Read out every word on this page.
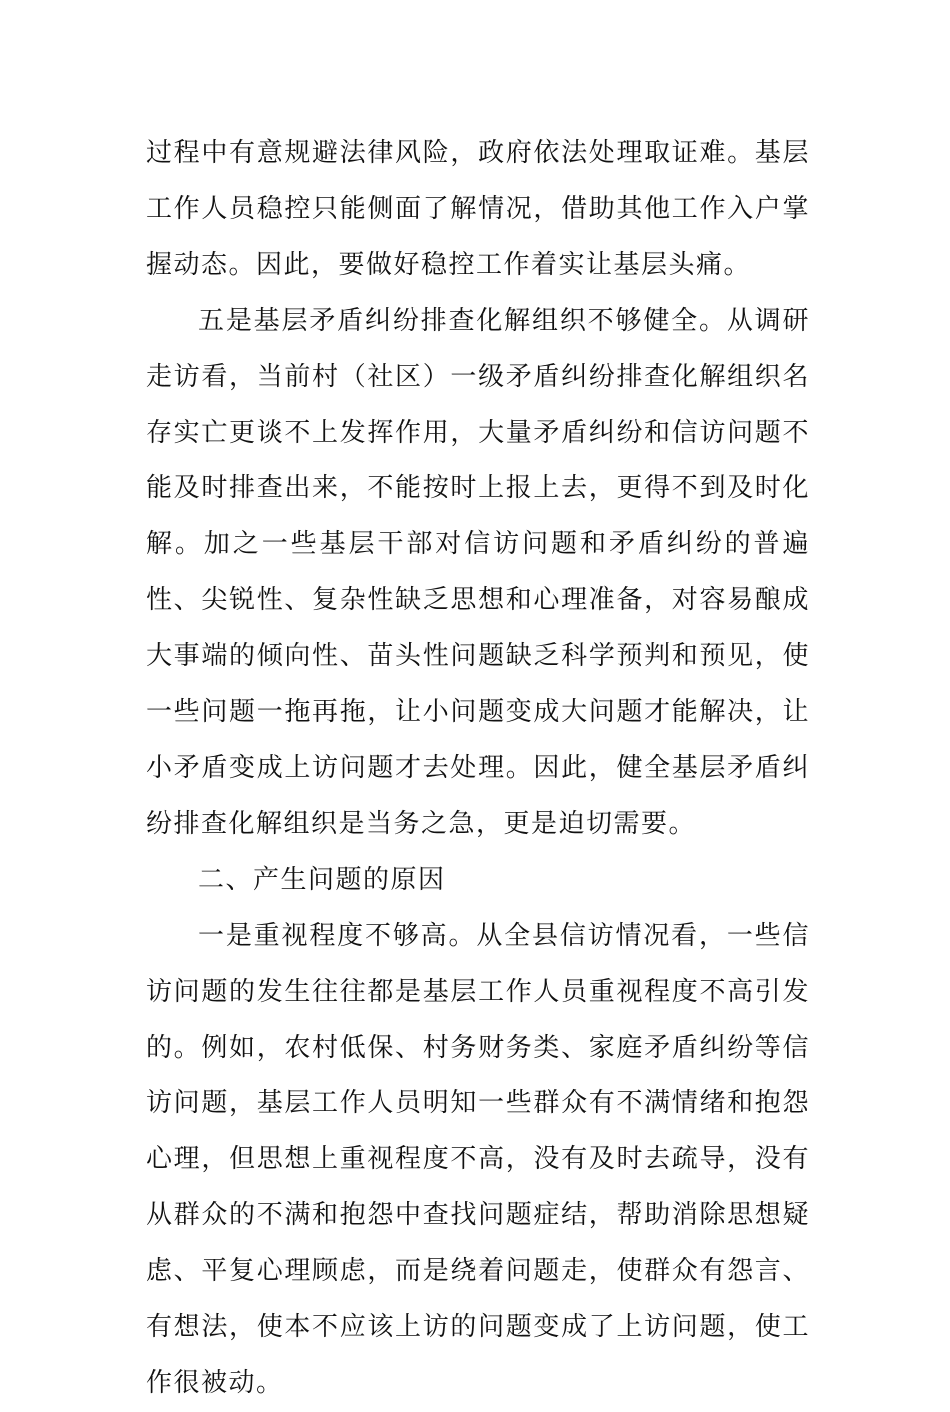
过程中有意规避法律风险，政府依法处理取证难。基层工作人员稳控只能侧面了解情况，借助其他工作入户掌握动态。因此，要做好稳控工作着实让基层头痛。

五是基层矛盾纠纷排查化解组织不够健全。从调研走访看，当前村（社区）一级矛盾纠纷排查化解组织名存实亡更谈不上发挥作用，大量矛盾纠纷和信访问题不能及时排查出来，不能按时上报上去，更得不到及时化解。加之一些基层干部对信访问题和矛盾纠纷的普遍性、尖锐性、复杂性缺乏思想和心理准备，对容易酿成大事端的倾向性、苗头性问题缺乏科学预判和预见，使一些问题一拖再拖，让小问题变成大问题才能解决，让小矛盾变成上访问题才去处理。因此，健全基层矛盾纠纷排查化解组织是当务之急，更是迫切需要。

二、产生问题的原因

一是重视程度不够高。从全县信访情况看，一些信访问题的发生往往都是基层工作人员重视程度不高引发的。例如，农村低保、村务财务类、家庭矛盾纠纷等信访问题，基层工作人员明知一些群众有不满情绪和抱怨心理，但思想上重视程度不高，没有及时去疏导，没有从群众的不满和抱怨中查找问题症结，帮助消除思想疑虑、平复心理顾虑，而是绕着问题走，使群众有怨言、有想法，使本不应该上访的问题变成了上访问题，使工作很被动。
